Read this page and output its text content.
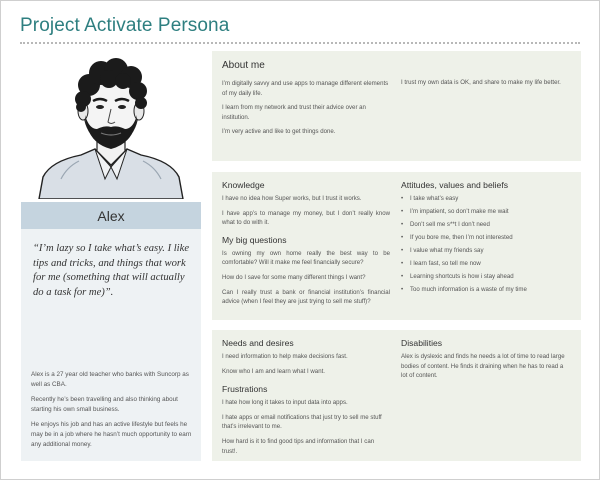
Project Activate Persona
Alex
“I’m lazy so I take what’s easy. I like tips and tricks, and things that work for me (something that will actually do a task for me)”.

Alex is a 27 year old teacher who banks with Suncorp as well as CBA.

Recently he’s been travelling and also thinking about starting his own small business.

He enjoys his job and has an active lifestyle but feels he may be in a job where he hasn’t much opportunity to earn any additional money.

About me

I’m digitally savvy and use apps to manage different elements of my daily life.

I learn from my network and trust their advice over an institution.

I’m very active and like to get things done.

I trust my own data is OK, and share to make my life better.

Knowledge

I have no idea how Super works, but I trust it works.

I have app’s to manage my money, but I don’t really know what to do with it.

My big questions

Is owning my own home really the best way to be comfortable? Will it make me feel financially secure?

How do I save for some many different things I want?

Can I really trust a bank or financial institution’s financial advice (when I feel they are just trying to sell me stuff)?

Attitudes, values and beliefs
• I take what’s easy
• I’m impatient, so don’t make me wait
• Don’t sell me s**t I don’t need
• If you bore me, then I’m not interested
• I value what my friends say
• I learn fast, so tell me now
• Learning shortcuts is how i stay ahead
• Too much information is a waste of my time
Needs and desires

I need information to help make decisions fast.

Know who I am and learn what I want.

Frustrations

I hate how long it takes to input data into apps.

I hate apps or email notifications that just try to sell me stuff that’s irrelevant to me.

How hard is it to find good tips and information that I can trust!.

Disabilities

Alex is dyslexic and finds he needs a lot of time to read large bodies of content. He finds it draining when he has to read a lot of content.
